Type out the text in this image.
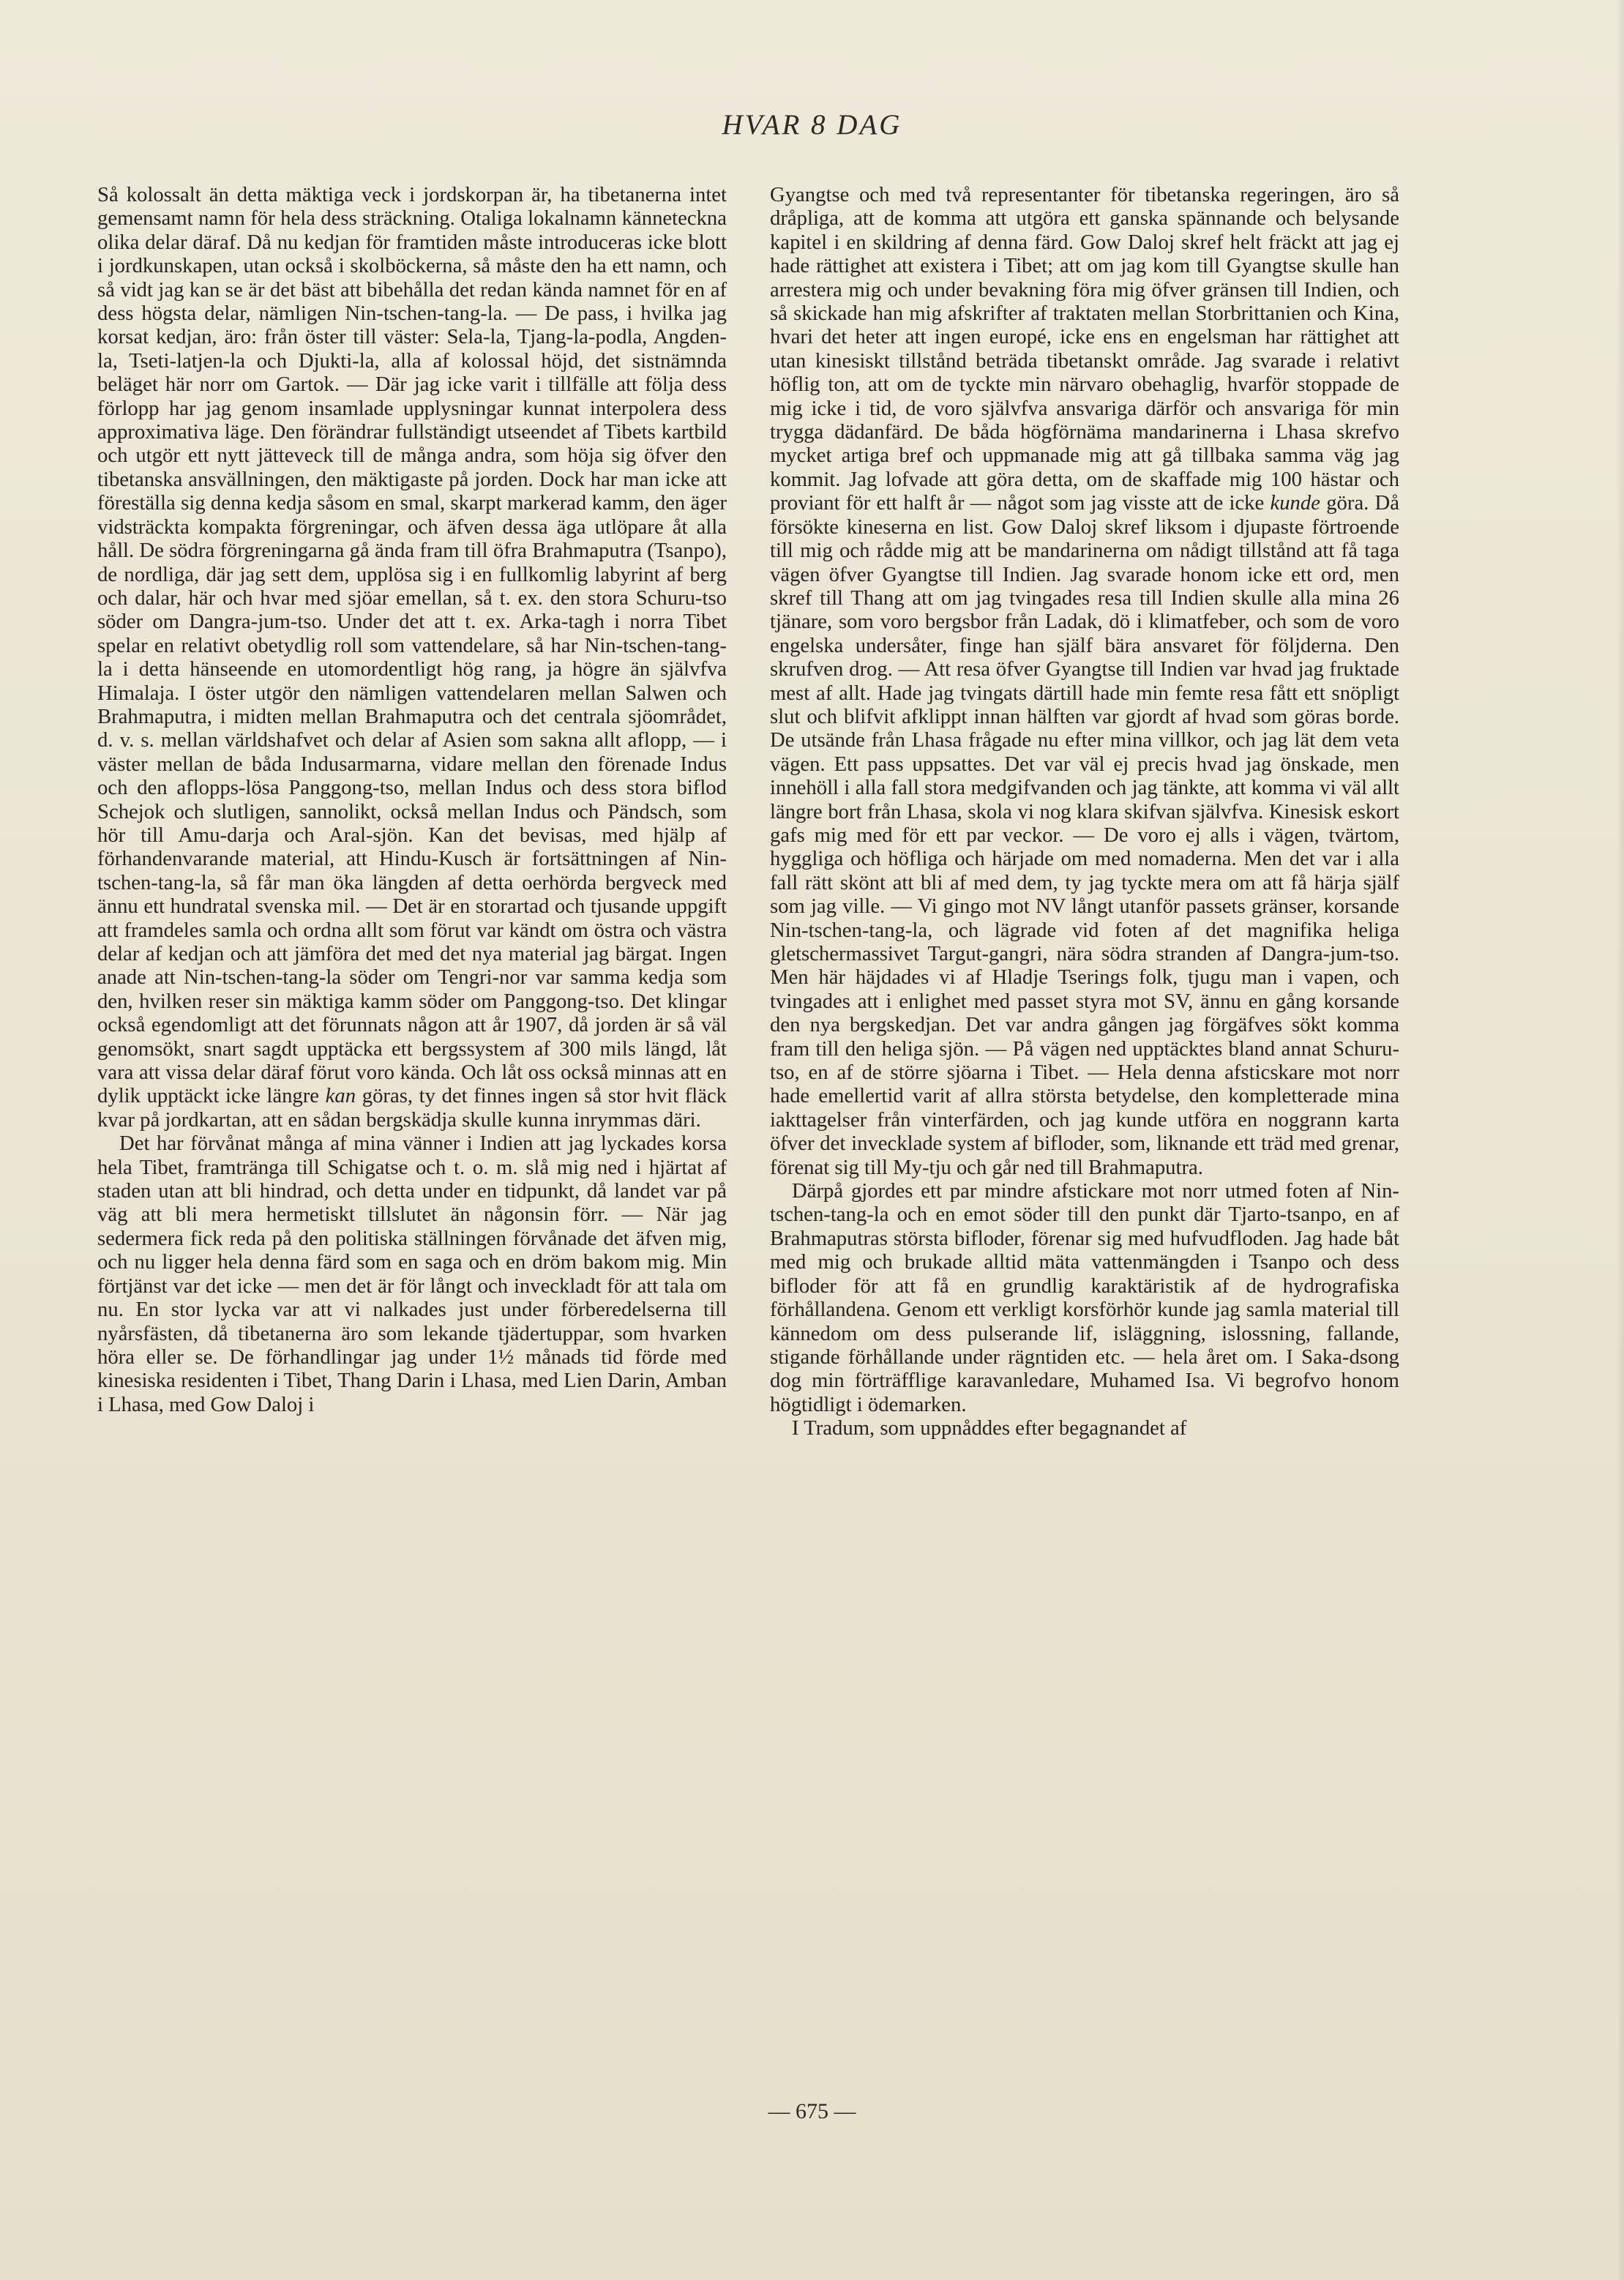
HVAR 8 DAG

Så kolossalt än detta mäktiga veck i jordskorpan är, ha tibetanerna intet gemensamt namn för hela dess sträckning. Otaliga lokalnamn kännetecknа olika delar däraf. Då nu kedjan för framtiden måste introduceras icke blott i jordkunskapen, utan också i skolböckerna, så måste den ha ett namn, och så vidt jag kan se är det bäst att bibehålla det redan kända namnet för en af dess högsta delar, nämligen Nin-tschen-tang-la. — De pass, i hvilka jag korsat kedjan, äro: från öster till väster: Sela-la, Tjang-la-podla, Angden-la, Tseti-latjen-la och Djukti-la, alla af kolossal höjd, det sistnämnda beläget här norr om Gartok. — Där jag icke varit i tillfälle att följa dess förlopp har jag genom insamlade upplysningar kunnat interpolera dess approximativa läge. Den förändrar fullständigt utseendet af Tibets kartbild och utgör ett nytt jätteveck till de många andra, som höja sig öfver den tibetanska ansvällningen, den mäktigaste på jorden. Dock har man icke att föreställa sig denna kedja såsom en smal, skarpt markerad kamm, den äger vidsträckta kompakta förgreningar, och äfven dessa äga utlöpare åt alla håll. De södra förgreningarna gå ända fram till öfra Brahmaputra (Tsanpo), de nordliga, där jag sett dem, upplösa sig i en fullkomlig labyrint af berg och dalar, här och hvar med sjöar emellan, så t. ex. den stora Schuru-tso söder om Dangra-jum-tso. Under det att t. ex. Arka-tagh i norra Tibet spelar en relativt obetydlig roll som vattendelare, så har Nin-tschen-tang-la i detta hänseende en utomordentligt hög rang, ja högre än självfva Himalaja. I öster utgör den nämligen vattendelaren mellan Salwen och Brahmaputra, i midten mellan Brahmaputra och det centrala sjöområdet, d. v. s. mellan världshafvet och delar af Asien som sakna allt aflopp, — i väster mellan de båda Indusarmarna, vidare mellan den förenade Indus och den aflopps-lösa Panggong-tso, mellan Indus och dess stora biflod Schejok och slutligen, sannolikt, också mellan Indus och Pändsch, som hör till Amu-darja och Aral-sjön. Kan det bevisas, med hjälp af förhandenvarande material, att Hindu-Kusch är fortsättningen af Nin-tschen-tang-la, så får man öka längden af detta oerhörda bergveck med ännu ett hundratal svenska mil. — Det är en storartad och tjusande uppgift att framdeles samla och ordna allt som förut var kändt om östra och västra delar af kedjan och att jämföra det med det nya material jag bärgat. Ingen anade att Nin-tschen-tang-la söder om Tengri-nor var samma kedja som den, hvilken reser sin mäktiga kamm söder om Panggong-tso. Det klingar också egendomligt att det förunnats någon att år 1907, då jorden är så väl genomsökt, snart sagdt upptäcka ett bergssystem af 300 mils längd, låt vara att vissa delar däraf förut voro kända. Och låt oss också minnas att en dylik upptäckt icke längre kan göras, ty det finnes ingen så stor hvit fläck kvar på jordkartan, att en sådan bergskädja skulle kunna inrymmas däri.

Det har förvånat många af mina vänner i Indien att jag lyckades korsa hela Tibet, framtränga till Schigatse och t. o. m. slå mig ned i hjärtat af staden utan att bli hindrad, och detta under en tidpunkt, då landet var på väg att bli mera hermetiskt tillslutet än någonsin förr. — När jag sedermera fick reda på den politiska ställningen förvånade det äfven mig, och nu ligger hela denna färd som en saga och en dröm bakom mig. Min förtjänst var det icke — men det är för långt och invecklаdt för att tala om nu. En stor lycka var att vi nalkades just under förberedelserna till nyårsfästen, då tibetanerna äro som lekande tjädertuppar, som hvarken höra eller se. De förhandlingar jag under 1½ månads tid förde med kinesiska residenten i Tibet, Thang Darin i Lhasa, med Lien Darin, Amban i Lhasa, med Gow Daloj i

Gyangtse och med två representanter för tibetanska regeringen, äro så dråpliga, att de komma att utgöra ett ganska spännande och belysande kapitel i en skildring af denna färd. Gow Daloj skref helt fräckt att jag ej hade rättighet att existera i Tibet; att om jag kom till Gyangtse skulle han arrestera mig och under bevakning föra mig öfver gränsen till Indien, och så skickade han mig afskrifter af traktaten mellan Storbrittanien och Kina, hvari det heter att ingen europé, icke ens en engelsman har rättighet att utan kinesiskt tillstånd beträda tibetanskt område. Jag svarade i relativt höflig ton, att om de tyckte min närvaro obehaglig, hvarför stoppade de mig icke i tid, de voro självfva ansvariga därför och ansvariga för min trygga dädanfärd. De båda högförnäma mandarinerna i Lhasa skrefvo mycket artiga bref och uppmanade mig att gå tillbaka samma väg jag kommit. Jag lofvade att göra detta, om de skaffade mig 100 hästar och proviant för ett halft år — något som jag visste att de icke kunde göra. Då försökte kineserna en list. Gow Daloj skref liksom i djupaste förtroende till mig och rådde mig att be mandarinerna om nådigt tillstånd att få taga vägen öfver Gyangtse till Indien. Jag svarade honom icke ett ord, men skref till Thang att om jag tvingades resa till Indien skulle alla mina 26 tjänare, som voro bergsbor från Ladak, dö i klimatfeber, och som de voro engelska undersåter, finge han själf bära ansvaret för följderna. Den skrufven drog. — Att resa öfver Gyangtse till Indien var hvad jag fruktade mest af allt. Hade jag tvingats därtill hade min femte resa fått ett snöpligt slut och blifvit afklippt innan hälften var gjordt af hvad som göras borde. De utsände från Lhasa frågade nu efter mina villkor, och jag lät dem veta vägen. Ett pass uppsattes. Det var väl ej precis hvad jag önskade, men innehöll i alla fall stora medgifvanden och jag tänkte, att komma vi väl allt längre bort från Lhasa, skola vi nog klara skifvan självfva. Kinesisk eskort gafs mig med för ett par veckor. — De voro ej alls i vägen, tvärtom, hyggliga och höfliga och härjade om med nomaderna. Men det var i alla fall rätt skönt att bli af med dem, ty jag tyckte mera om att få härja själf som jag ville. — Vi gingo mot NV långt utanför passets gränser, korsande Nin-tschen-tang-la, och lägrade vid foten af det magnifika heliga gletschermassivet Targut-gangri, nära södra stranden af Dangra-jum-tso. Men här häjdades vi af Hladje Tserings folk, tjugu man i vapen, och tvingades att i enlighet med passet styra mot SV, ännu en gång korsande den nya bergskedjan. Det var andra gången jag förgäfves sökt komma fram till den heliga sjön. — På vägen ned upptäcktes bland annat Schuru-tso, en af de större sjöarna i Tibet. — Hela denna afsticskare mot norr hade emellertid varit af allra största betydelse, den kompletterade mina iakttagelser från vinterfärden, och jag kunde utföra en noggrann karta öfver det invecklade system af bifloder, som, liknande ett träd med grenar, förenat sig till My-tju och går ned till Brahmaputra.

Därpå gjordes ett par mindre afstickare mot norr utmed foten af Nin-tschen-tang-la och en emot söder till den punkt där Tjarto-tsanpo, en af Brahmaputras största bifloder, förenar sig med hufvudfloden. Jag hade båt med mig och brukade alltid mäta vattenmängden i Tsanpo och dess bifloder för att få en grundlig karaktäristik af de hydrografiska förhållandena. Genom ett verkligt korsförhör kunde jag samla material till kännedom om dess pulserande lif, isläggning, islossning, fallande, stigande förhållande under rägntiden etc. — hela året om. I Saka-dsong dog min förträfflige karavanledare, Muhamed Isa. Vi begrofvo honom högtidligt i ödemarken.

I Tradum, som uppnåddes efter begagnandet af

— 675 —
